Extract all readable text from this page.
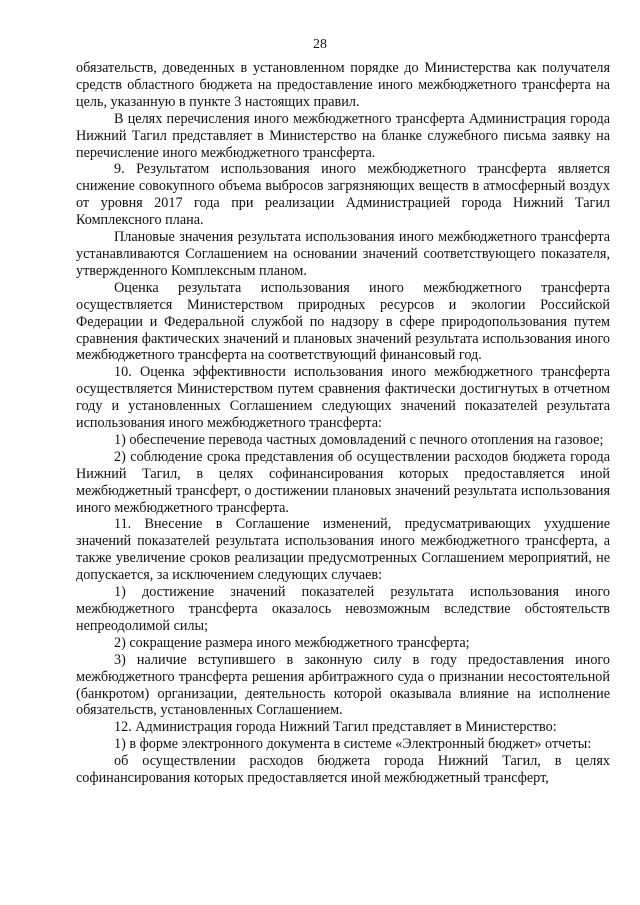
28

обязательств, доведенных в установленном порядке до Министерства как получателя средств областного бюджета на предоставление иного межбюджетного трансферта на цель, указанную в пункте 3 настоящих правил.

В целях перечисления иного межбюджетного трансферта Администрация города Нижний Тагил представляет в Министерство на бланке служебного письма заявку на перечисление иного межбюджетного трансферта.

9. Результатом использования иного межбюджетного трансферта является снижение совокупного объема выбросов загрязняющих веществ в атмосферный воздух от уровня 2017 года при реализации Администрацией города Нижний Тагил Комплексного плана.

Плановые значения результата использования иного межбюджетного трансферта устанавливаются Соглашением на основании значений соответствующего показателя, утвержденного Комплексным планом.

Оценка результата использования иного межбюджетного трансферта осуществляется Министерством природных ресурсов и экологии Российской Федерации и Федеральной службой по надзору в сфере природопользования путем сравнения фактических значений и плановых значений результата использования иного межбюджетного трансферта на соответствующий финансовый год.

10. Оценка эффективности использования иного межбюджетного трансферта осуществляется Министерством путем сравнения фактически достигнутых в отчетном году и установленных Соглашением следующих значений показателей результата использования иного межбюджетного трансферта:

1) обеспечение перевода частных домовладений с печного отопления на газовое;

2) соблюдение срока представления об осуществлении расходов бюджета города Нижний Тагил, в целях софинансирования которых предоставляется иной межбюджетный трансферт, о достижении плановых значений результата использования иного межбюджетного трансферта.

11. Внесение в Соглашение изменений, предусматривающих ухудшение значений показателей результата использования иного межбюджетного трансферта, а также увеличение сроков реализации предусмотренных Соглашением мероприятий, не допускается, за исключением следующих случаев:

1) достижение значений показателей результата использования иного межбюджетного трансферта оказалось невозможным вследствие обстоятельств непреодолимой силы;

2) сокращение размера иного межбюджетного трансферта;

3) наличие вступившего в законную силу в году предоставления иного межбюджетного трансферта решения арбитражного суда о признании несостоятельной (банкротом) организации, деятельность которой оказывала влияние на исполнение обязательств, установленных Соглашением.

12. Администрация города Нижний Тагил представляет в Министерство:

1) в форме электронного документа в системе «Электронный бюджет» отчеты:

об осуществлении расходов бюджета города Нижний Тагил, в целях софинансирования которых предоставляется иной межбюджетный трансферт,
